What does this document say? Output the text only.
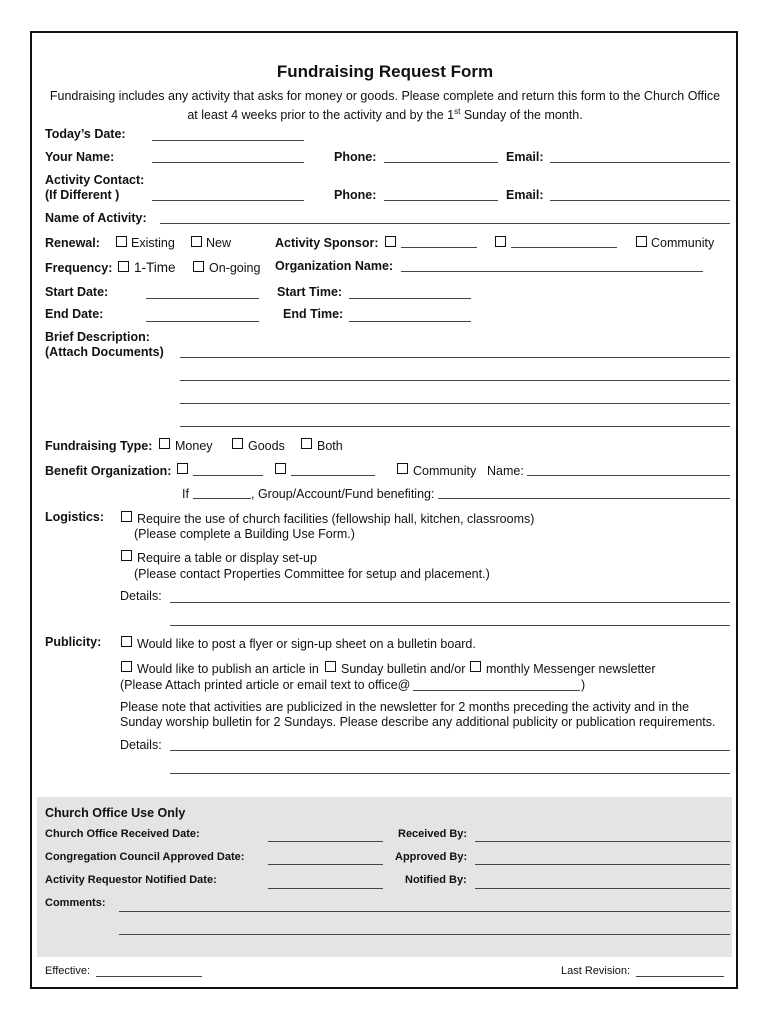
Fundraising Request Form
Fundraising includes any activity that asks for money or goods. Please complete and return this form to the Church Office
at least 4 weeks prior to the activity and by the 1st Sunday of the month.
Today’s Date:
Your Name:	Phone:	Email:
Activity Contact:
(If Different )	Phone:	Email:
Name of Activity:
Renewal: Existing New	Activity Sponsor:	Community
Frequency: 1-Time	On-going Organization Name:
Start Date:	Start Time:
End Date:	End Time:
Brief Description:
(Attach Documents)
Fundraising Type: Money	Goods	Both
Benefit Organization:	Community Name:
If	, Group/Account/Fund benefiting:
Logistics:	Require the use of church facilities (fellowship hall, kitchen, classrooms)
(Please complete a Building Use Form.)
Require a table or display set-up
(Please contact Properties Committee for setup and placement.)
Details:
Publicity:	Would like to post a flyer or sign-up sheet on a bulletin board.
Would like to publish an article in Sunday bulletin and/or monthly Messenger newsletter
(Please Attach printed article or email text to office@	)
Please note that activities are publicized in the newsletter for 2 months preceding the activity and in the
Sunday worship bulletin for 2 Sundays. Please describe any additional publicity or publication requirements.
Details:
Church Office Use Only
Church Office Received Date:	Received By:
Congregation Council Approved Date:	Approved By:
Activity Requestor Notified Date:	Notified By:
Comments:
Effective:	Last Revision:
